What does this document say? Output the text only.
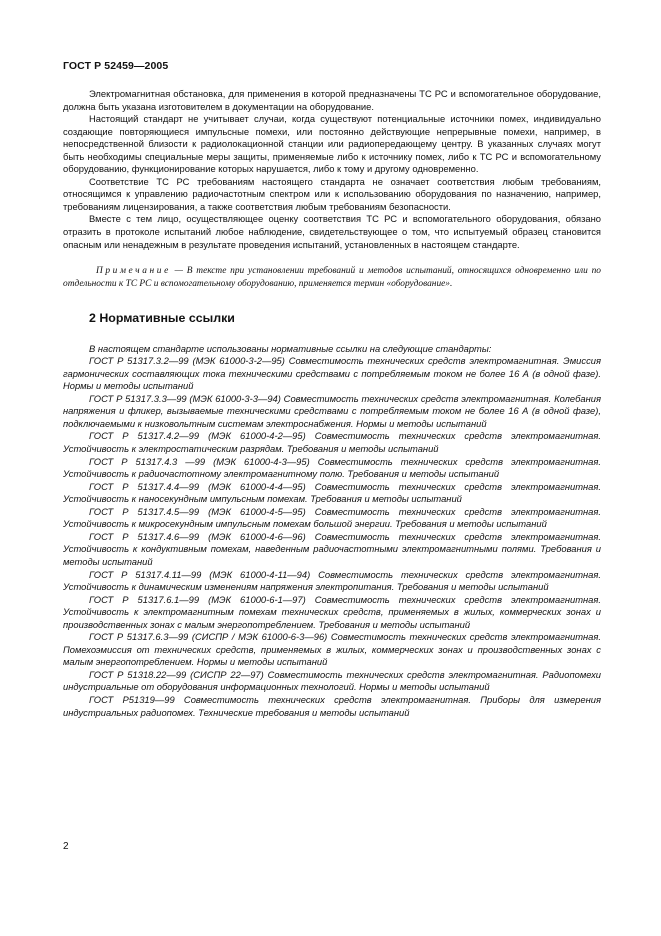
ГОСТ Р 52459—2005

Электромагнитная обстановка, для применения в которой предназначены ТС РС и вспомогательное оборудование, должна быть указана изготовителем в документации на оборудование.

Настоящий стандарт не учитывает случаи, когда существуют потенциальные источники помех, индивидуально создающие повторяющиеся импульсные помехи, или постоянно действующие непрерывные помехи, например, в непосредственной близости к радиолокационной станции или радиопередающему центру. В указанных случаях могут быть необходимы специальные меры защиты, применяемые либо к источнику помех, либо к ТС РС и вспомогательному оборудованию, функционирование которых нарушается, либо к тому и другому одновременно.

Соответствие ТС РС требованиям настоящего стандарта не означает соответствия любым требованиям, относящимся к управлению радиочастотным спектром или к использованию оборудования по назначению, например, требованиям лицензирования, а также соответствия любым требованиям безопасности.

Вместе с тем лицо, осуществляющее оценку соответствия ТС РС и вспомогательного оборудования, обязано отразить в протоколе испытаний любое наблюдение, свидетельствующее о том, что испытуемый образец становится опасным или ненадежным в результате проведения испытаний, установленных в настоящем стандарте.

Примечание — В тексте при установлении требований и методов испытаний, относящихся одновременно или по отдельности к ТС РС и вспомогательному оборудованию, применяется термин «оборудование».

2 Нормативные ссылки

В настоящем стандарте использованы нормативные ссылки на следующие стандарты:

ГОСТ Р 51317.3.2—99 (МЭК 61000-3-2—95) Совместимость технических средств электромагнитная. Эмиссия гармонических составляющих тока техническими средствами с потребляемым током не более 16 А (в одной фазе). Нормы и методы испытаний

ГОСТ Р 51317.3.3—99 (МЭК 61000-3-3—94) Совместимость технических средств электромагнитная. Колебания напряжения и фликер, вызываемые техническими средствами с потребляемым током не более 16 А (в одной фазе), подключаемыми к низковольтным системам электроснабжения. Нормы и методы испытаний

ГОСТ Р 51317.4.2—99 (МЭК 61000-4-2—95) Совместимость технических средств электромагнитная. Устойчивость к электростатическим разрядам. Требования и методы испытаний

ГОСТ Р 51317.4.3 —99 (МЭК 61000-4-3—95) Совместимость технических средств электромагнитная. Устойчивость к радиочастотному электромагнитному полю. Требования и методы испытаний

ГОСТ Р 51317.4.4—99 (МЭК 61000-4-4—95) Совместимость технических средств электромагнитная. Устойчивость к наносекундным импульсным помехам. Требования и методы испытаний

ГОСТ Р 51317.4.5—99 (МЭК 61000-4-5—95) Совместимость технических средств электромагнитная. Устойчивость к микросекундным импульсным помехам большой энергии. Требования и методы испытаний

ГОСТ Р 51317.4.6—99 (МЭК 61000-4-6—96) Совместимость технических средств электромагнитная. Устойчивость к кондуктивным помехам, наведенным радиочастотными электромагнитными полями. Требования и методы испытаний

ГОСТ Р 51317.4.11—99 (МЭК 61000-4-11—94) Совместимость технических средств электромагнитная. Устойчивость к динамическим изменениям напряжения электропитания. Требования и методы испытаний

ГОСТ Р 51317.6.1—99 (МЭК 61000-6-1—97) Совместимость технических средств электромагнитная. Устойчивость к электромагнитным помехам технических средств, применяемых в жилых, коммерческих зонах и производственных зонах с малым энергопотреблением. Требования и методы испытаний

ГОСТ Р 51317.6.3—99 (СИСПР / МЭК 61000-6-3—96) Совместимость технических средств электромагнитная. Помехоэмиссия от технических средств, применяемых в жилых, коммерческих зонах и производственных зонах с малым энергопотреблением. Нормы и методы испытаний

ГОСТ Р 51318.22—99 (СИСПР 22—97) Совместимость технических средств электромагнитная. Радиопомехи индустриальные от оборудования информационных технологий. Нормы и методы испытаний

ГОСТ Р51319—99 Совместимость технических средств электромагнитная. Приборы для измерения индустриальных радиопомех. Технические требования и методы испытаний

2
